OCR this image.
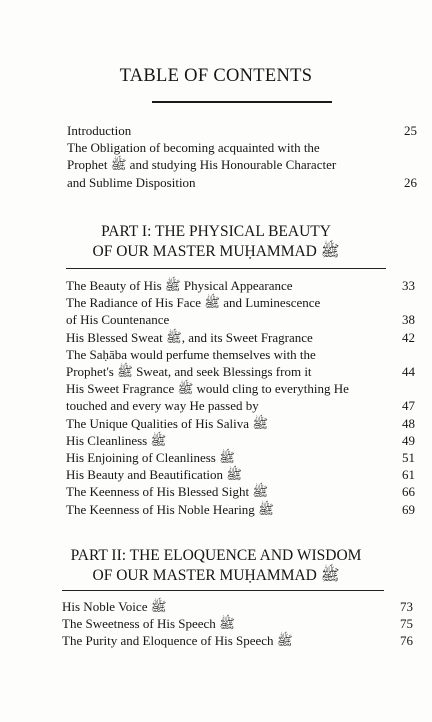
TABLE OF CONTENTS
Introduction	25
The Obligation of becoming acquainted with the
Prophet ﷺ and studying His Honourable Character
and Sublime Disposition	26
PART I: THE PHYSICAL BEAUTY
OF OUR MASTER MUḤAMMAD ﷺ
The Beauty of His ﷺ Physical Appearance	33
The Radiance of His Face ﷺ and Luminescence
of His Countenance	38
His Blessed Sweat ﷺ, and its Sweet Fragrance	42
The Saḥāba would perfume themselves with the
Prophet's ﷺ Sweat, and seek Blessings from it	44
His Sweet Fragrance ﷺ would cling to everything He
touched and every way He passed by	47
The Unique Qualities of His Saliva ﷺ	48
His Cleanliness ﷺ	49
His Enjoining of Cleanliness ﷺ	51
His Beauty and Beautification ﷺ	61
The Keenness of His Blessed Sight ﷺ	66
The Keenness of His Noble Hearing ﷺ	69
PART II: THE ELOQUENCE AND WISDOM
OF OUR MASTER MUḤAMMAD ﷺ
His Noble Voice ﷺ	73
The Sweetness of His Speech ﷺ	75
The Purity and Eloquence of His Speech ﷺ	76
